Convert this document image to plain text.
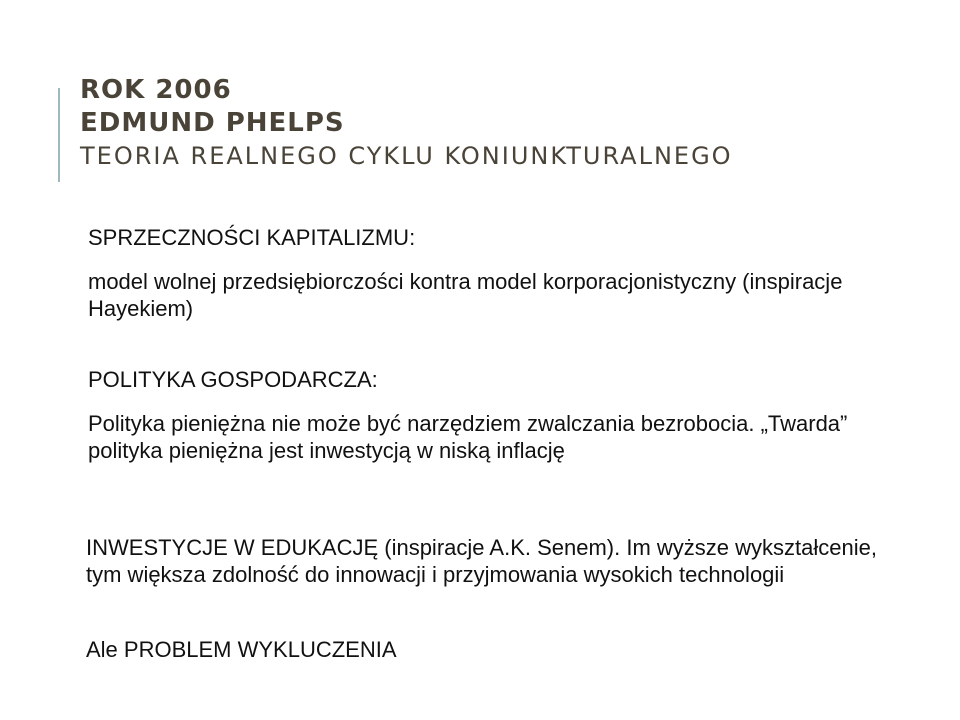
ROK 2006
EDMUND PHELPS
TEORIA REALNEGO CYKLU KONIUNKTURALNEGO
SPRZECZNOŚCI KAPITALIZMU:
model wolnej przedsiębiorczości kontra model korporacjonistyczny (inspiracje Hayekiem)
POLITYKA GOSPODARCZA:
Polityka pieniężna nie może być narzędziem zwalczania bezrobocia. „Twarda” polityka pieniężna jest inwestycją w niską inflację
INWESTYCJE W EDUKACJĘ (inspiracje A.K. Senem). Im wyższe wykształcenie, tym większa zdolność do innowacji i przyjmowania wysokich technologii
Ale PROBLEM WYKLUCZENIA
